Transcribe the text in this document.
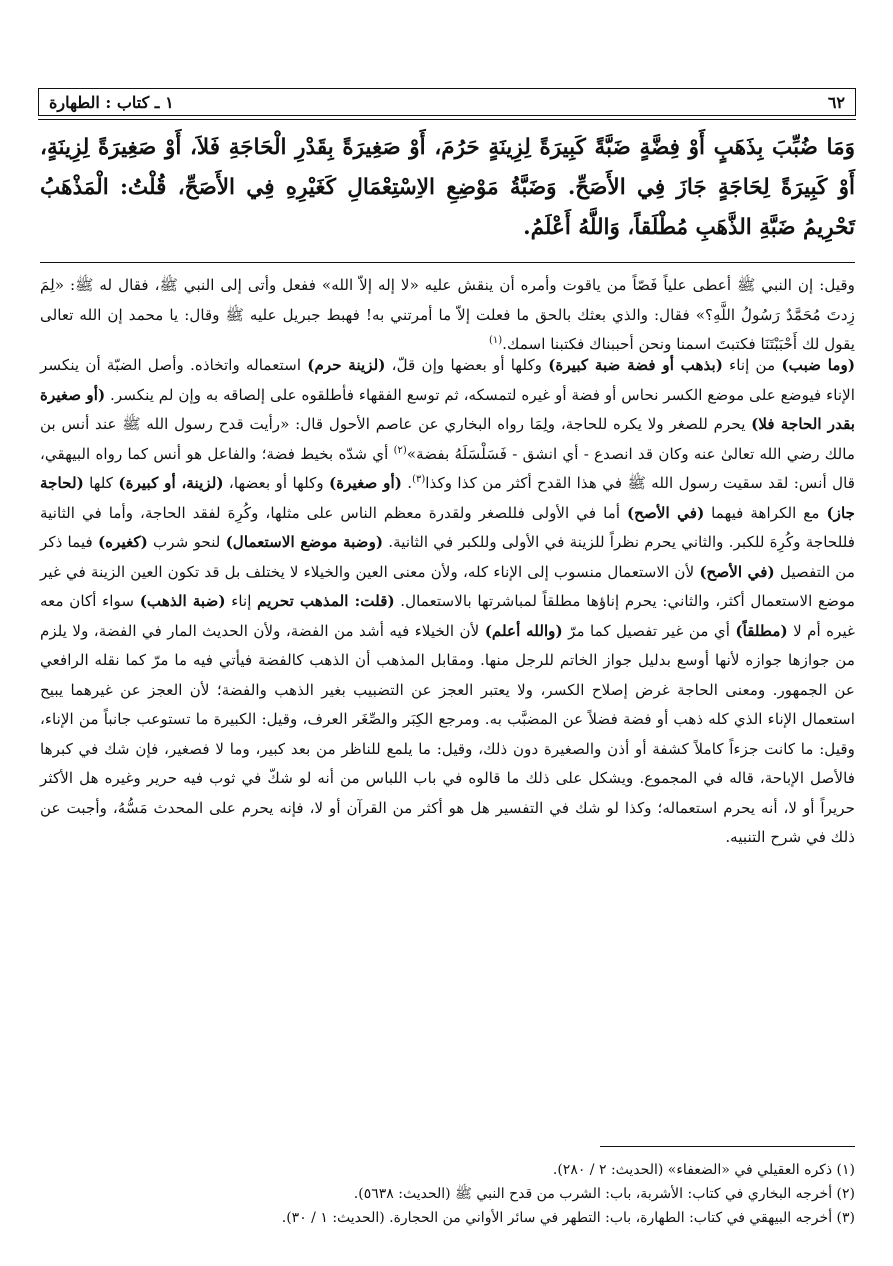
٦٢
١ ـ كتاب : الطهارة
وَمَا ضُبِّبَ بِذَهَبٍ أَوْ فِضَّةٍ ضَبَّةً كَبِيرَةً لِزِينَةٍ حَرُمَ، أَوْ صَغِيرَةً بِقَدْرِ الْحَاجَةِ فَلاَ، أَوْ صَغِيرَةً لِزِينَةٍ، أَوْ كَبِيرَةً لِحَاجَةٍ جَازَ فِي الأَصَحِّ. وَضَبَّةُ مَوْضِعِ الاِسْتِعْمَالِ كَغَيْرِهِ فِي الأَصَحِّ، قُلْتُ: الْمَذْهَبُ تَحْرِيمُ ضَبَّةِ الذَّهَبِ مُطْلَقاً، وَاللَّهُ أَعْلَمُ.
وقيل: إن النبي ﷺ أعطى علياً فَصّاً من ياقوت وأمره أن ينقش عليه «لا إله إلاّ الله» ففعل وأتى إلى النبي ﷺ، فقال له ﷺ: «لِمَ زِدتَ مُحَمَّدٌ رَسُولُ اللَّهِ؟» فقال: والذي بعثك بالحق ما فعلت إلاّ ما أمرتني به! فهبط جبريل عليه ﷺ وقال: يا محمد إن الله تعالى يقول لك أَحْبَبْتَنَا فكتبتَ اسمنا ونحن أحببناك فكتبنا اسمك.$^{(١)}$
(وما ضبب) من إناء (بذهب أو فضة ضبة كبيرة) وكلها أو بعضها وإن قلّ، (لزينة حرم) استعماله واتخاذه. وأصل الضبّة أن ينكسر الإناء فيوضع على موضع الكسر نحاس أو فضة أو غيره لتمسكه، ثم توسع الفقهاء فأطلقوه على إلصاقه به وإن لم ينكسر. (أو صغيرة بقدر الحاجة فلا) يحرم للصغر ولا يكره للحاجة، ولِمَا رواه البخاري عن عاصم الأحول قال: «رأيت قدح رسول الله ﷺ عند أنس بن مالك رضي الله تعالىٰ عنه وكان قد انصدع - أي انشق - فَسَلْسَلَهُ بفضة»$^{(٢)}$ أي شدّه بخيط فضة؛ والفاعل هو أنس كما رواه البيهقي، قال أنس: لقد سقيت رسول الله ﷺ في هذا القدح أكثر من كذا وكذا$^{(٣)}$. (أو صغيرة) وكلها أو بعضها، (لزينة، أو كبيرة) كلها (لحاجة جاز) مع الكراهة فيهما (في الأصح) أما في الأولى فللصغر ولقدرة معظم الناس على مثلها، وكُرِهَ لفقد الحاجة، وأما في الثانية فللحاجة وكُرِهَ للكبر. والثاني يحرم نظراً للزينة في الأولى وللكبر في الثانية. (وضبة موضع الاستعمال) لنحو شرب (كغيره) فيما ذكر من التفصيل (في الأصح) لأن الاستعمال منسوب إلى الإناء كله، ولأن معنى العين والخيلاء لا يختلف بل قد تكون العين الزينة في غير موضع الاستعمال أكثر، والثاني: يحرم إناؤها مطلقاً لمباشرتها بالاستعمال. (قلت: المذهب تحريم إناء (ضبة الذهب) سواء أكان معه غيره أم لا (مطلقاً) أي من غير تفصيل كما مرّ (والله أعلم) لأن الخيلاء فيه أشد من الفضة، ولأن الحديث المار في الفضة، ولا يلزم من جوازها جوازه لأنها أوسع بدليل جواز الخاتم للرجل منها. ومقابل المذهب أن الذهب كالفضة فيأتي فيه ما مرّ كما نقله الرافعي عن الجمهور. ومعنى الحاجة غرض إصلاح الكسر، ولا يعتبر العجز عن التضبيب بغير الذهب والفضة؛ لأن العجز عن غيرهما يبيح استعمال الإناء الذي كله ذهب أو فضة فضلاً عن المضبَّب به. ومرجع الكِبَر والصِّغَر العرف، وقيل: الكبيرة ما تستوعب جانباً من الإناء، وقيل: ما كانت جزءاً كاملاً كشفة أو أذن والصغيرة دون ذلك، وقيل: ما يلمع للناظر من بعد كبير، وما لا فصغير، فإن شك في كبرها فالأصل الإباحة، قاله في المجموع. ويشكل على ذلك ما قالوه في باب اللباس من أنه لو شكّ في ثوب فيه حرير وغيره هل الأكثر حريراً أو لا، أنه يحرم استعماله؛ وكذا لو شك في التفسير هل هو أكثر من القرآن أو لا، فإنه يحرم على المحدث مَسُّهُ، وأجبت عن ذلك في شرح التنبيه.
(١) ذكره العقيلي في «الضعفاء» (الحديث: ٢ / ٢٨٠).
(٢) أخرجه البخاري في كتاب: الأشربة، باب: الشرب من قدح النبي ﷺ (الحديث: ٥٦٣٨).
(٣) أخرجه البيهقي في كتاب: الطهارة، باب: التطهر في سائر الأواني من الحجارة. (الحديث: ١ / ٣٠).
